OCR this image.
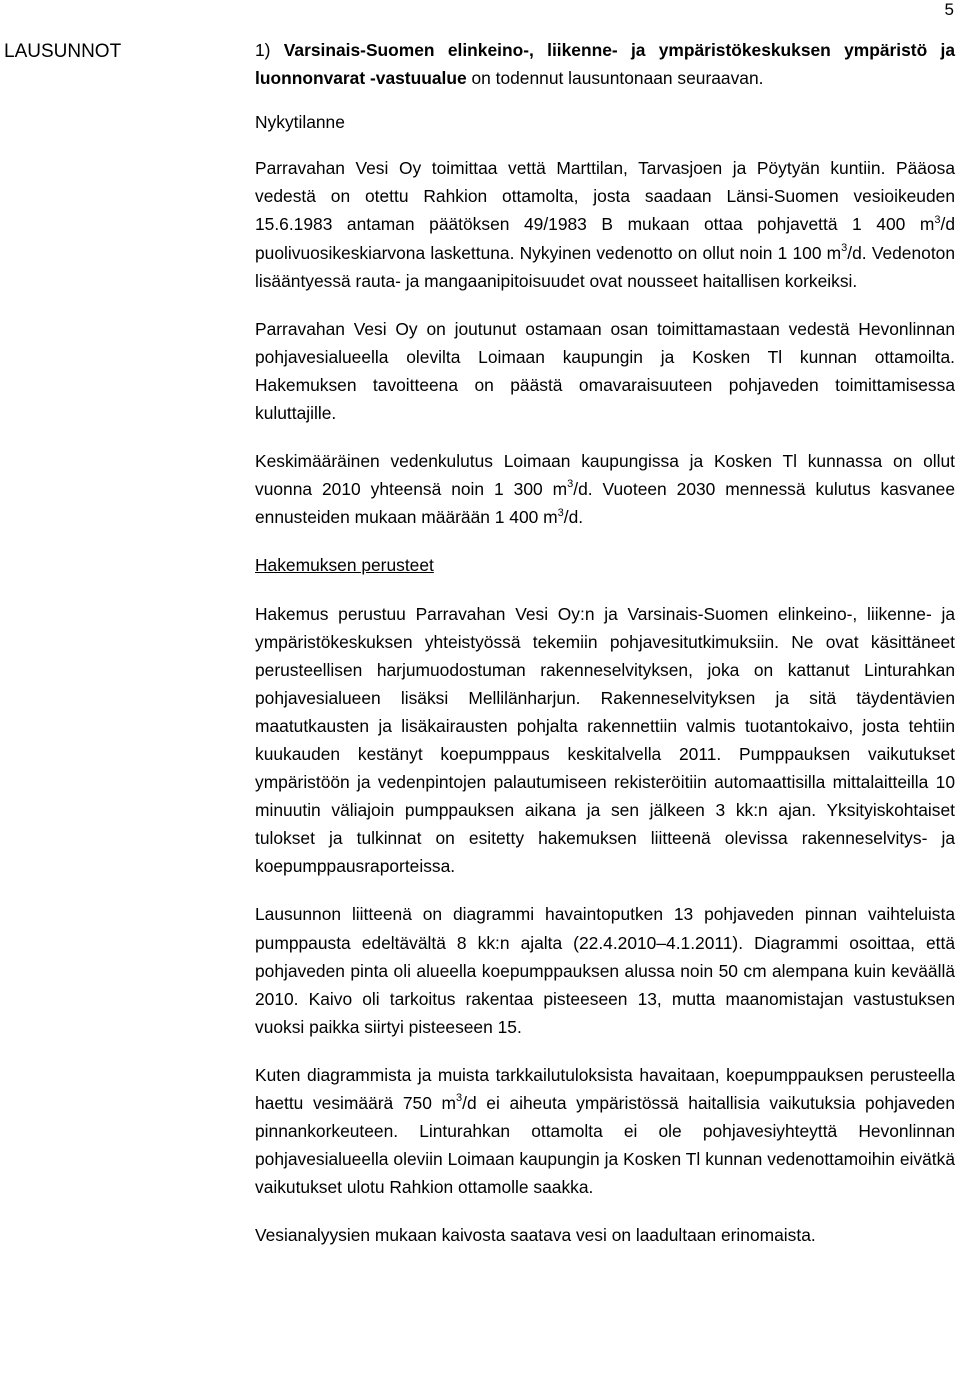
5
LAUSUNNOT	1) Varsinais-Suomen elinkeino-, liikenne- ja ympäristökeskuksen ympäristö ja luonnonvarat -vastuualue on todennut lausuntonaan seuraavan.

Nykytilanne

Parravahan Vesi Oy toimittaa vettä Marttilan, Tarvasjoen ja Pöytyän kuntiin. Pääosa vedestä on otettu Rahkion ottamolta, josta saadaan Länsi-Suomen vesioikeuden 15.6.1983 antaman päätöksen 49/1983 B mukaan ottaa pohjavettä 1 400 $m^3/d$ puolivuosikeskiarvona laskettuna. Nykyinen vedenotto on ollut noin 1 100 $m^3/d$. Vedenoton lisääntyessä rauta- ja mangaanipitoisuudet ovat nousseet haitallisen korkeiksi.

Parravahan Vesi Oy on joutunut ostamaan osan toimittamastaan vedestä Hevonlinnan pohjavesialueella olevilta Loimaan kaupungin ja Kosken Tl kunnan ottamoilta. Hakemuksen tavoitteena on päästä omavaraisuuteen pohjaveden toimittamisessa kuluttajille.

Keskimääräinen vedenkulutus Loimaan kaupungissa ja Kosken Tl kunnassa on ollut vuonna 2010 yhteensä noin 1 300 $m^3/d$. Vuoteen 2030 mennessä kulutus kasvanee ennusteiden mukaan määrään 1 400 $m^3/d$.

Hakemuksen perusteet

Hakemus perustuu Parravahan Vesi Oy:n ja Varsinais-Suomen elinkeino-, liikenne- ja ympäristökeskuksen yhteistyössä tekemiin pohjavesitutkimuksiin. Ne ovat käsittäneet perusteellisen harjumuodostuman rakenneselvityksen, joka on kattanut Linturahkan pohjavesialueen lisäksi Mellilänharjun. Rakenneselvityksen ja sitä täydentävien maatutkausten ja lisäkairausten pohjalta rakennettiin valmis tuotantokaivo, josta tehtiin kuukauden kestänyt koepumppaus keskitalvella 2011. Pumppauksen vaikutukset ympäristöön ja vedenpintojen palautumiseen rekisteröitiin automaattisilla mittalaitteilla 10 minuutin väliajoin pumppauksen aikana ja sen jälkeen 3 kk:n ajan. Yksityiskohtaiset tulokset ja tulkinnat on esitetty hakemuksen liitteenä olevissa rakenneselvitys- ja koepumppausraporteissa.

Lausunnon liitteenä on diagrammi havaintoputken 13 pohjaveden pinnan vaihteluista pumppausta edeltävältä 8 kk:n ajalta (22.4.2010–4.1.2011). Diagrammi osoittaa, että pohjaveden pinta oli alueella koepumppauksen alussa noin 50 cm alempana kuin keväällä 2010. Kaivo oli tarkoitus rakentaa pisteeseen 13, mutta maanomistajan vastustuksen vuoksi paikka siirtyi pisteeseen 15.

Kuten diagrammista ja muista tarkkailutuloksista havaitaan, koepumppauksen perusteella haettu vesimäärä 750 $m^3/d$ ei aiheuta ympäristössä haitallisia vaikutuksia pohjaveden pinnankorkeuteen. Linturahkan ottamolta ei ole pohjavesiyhteyttä Hevonlinnan pohjavesialueella oleviin Loimaan kaupungin ja Kosken Tl kunnan vedenottamoihin eivätkä vaikutukset ulotu Rahkion ottamolle saakka.

Vesianalyysien mukaan kaivosta saatava vesi on laadultaan erinomaista.
